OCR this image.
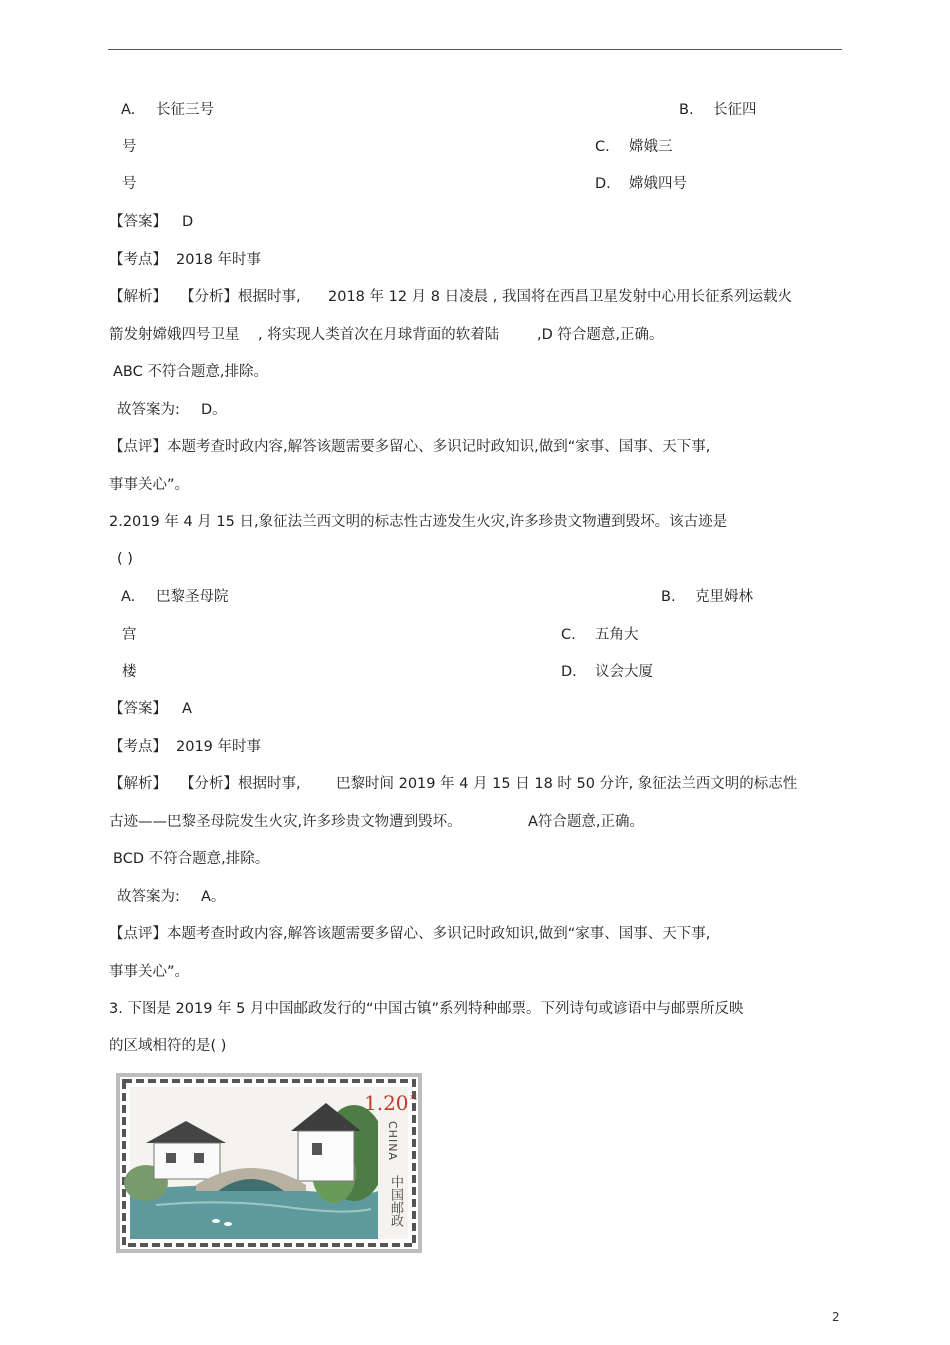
A. 长征三号	B. 长征四
号	C. 嫦娥三
号	D. 嫦娥四号
【答案】 D
【考点】 2018 年时事
【解析】 【分析】根据时事, 2018 年 12 月 8 日凌晨 , 我国将在西昌卫星发射中心用长征系列运载火
箭发射嫦娥四号卫星 , 将实现人类首次在月球背面的软着陆	,D 符合题意,正确。
ABC 不符合题意,排除。
故答案为: D。
【点评】本题考查时政内容,解答该题需要多留心、多识记时政知识,做到“家事、国事、天下事,
事事关心”。
2.2019 年 4 月 15 日,象征法兰西文明的标志性古迹发生火灾,许多珍贵文物遭到毁坏。该古迹是
( )
A. 巴黎圣母院	B. 克里姆林
宫	C. 五角大
楼	D. 议会大厦
【答案】 A
【考点】 2019 年时事
【解析】 【分析】根据时事, 巴黎时间 2019 年 4 月 15 日 18 时 50 分许, 象征法兰西文明的标志性
古迹——巴黎圣母院发生火灾,许多珍贵文物遭到毁坏。	A符合题意,正确。
BCD 不符合题意,排除。
故答案为: A。
【点评】本题考查时政内容,解答该题需要多留心、多识记时政知识,做到“家事、国事、天下事,
事事关心”。
3. 下图是 2019 年 5 月中国邮政发行的“中国古镇”系列特种邮票。下列诗句或谚语中与邮票所反映
的区域相符的是( )
1.20 元
CHINA
中国邮政
2
